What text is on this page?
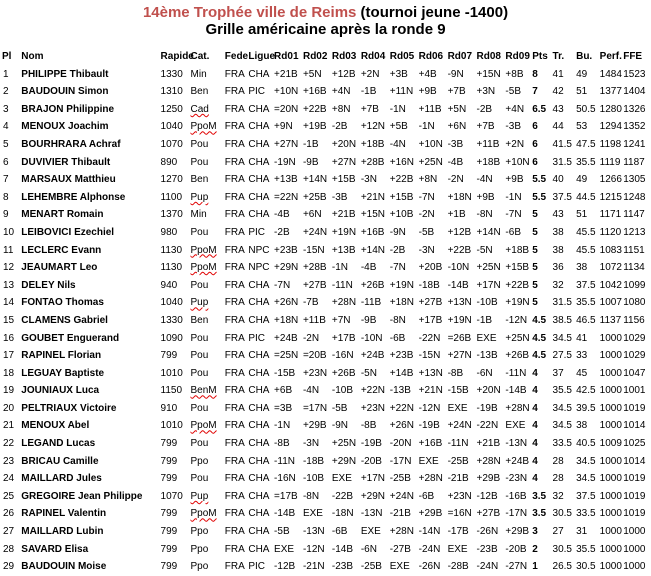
14ème Trophée ville de Reims (tournoi jeune -1400)
Grille américaine après la ronde 9
Pl	Nom	Rapide	Cat.	Fede	Ligue	Rd01	Rd02	Rd03	Rd04	Rd05	Rd06	Rd07	Rd08	Rd09	Pts	Tr.	Bu.	Perf.	FFE
1	PHILIPPE Thibault	1330	Min	FRA	CHA	+21B	+5N	+12B	+2N	+3B	+4B	-9N	+15N	+8B	8	41	49	1484	1523
2	BAUDOUIN Simon	1310	Ben	FRA	PIC	+10N	+16B	+4N	-1B	+11N	+9B	+7B	+3N	-5B	7	42	51	1377	1404
3	BRAJON Philippine	1250	Cad	FRA	CHA	=20N	+22B	+8N	+7B	-1N	+11B	+5N	-2B	+4N	6.5	43	50.5	1280	1326
4	MENOUX Joachim	1040	PpoM	FRA	CHA	+9N	+19B	-2B	+12N	+5B	-1N	+6N	+7B	-3B	6	44	53	1294	1352
5	BOURHRARA Achraf	1070	Pou	FRA	CHA	+27N	-1B	+20N	+18B	-4N	+10N	-3B	+11B	+2N	6	41.5	47.5	1198	1241
6	DUVIVIER Thibault	890	Pou	FRA	CHA	-19N	-9B	+27N	+28B	+16N	+25N	-4B	+18B	+10N	6	31.5	35.5	1119	1187
7	MARSAUX Matthieu	1270	Ben	FRA	CHA	+13B	+14N	+15B	-3N	+22B	+8N	-2N	-4N	+9B	5.5	40	49	1266	1305
8	LEHEMBRE Alphonse	1100	Pup	FRA	CHA	=22N	+25B	-3B	+21N	+15B	-7N	+18N	+9B	-1N	5.5	37.5	44.5	1215	1248
9	MENART Romain	1370	Min	FRA	CHA	-4B	+6N	+21B	+15N	+10B	-2N	+1B	-8N	-7N	5	43	51	1171	1147
10	LEIBOVICI Ezechiel	980	Pou	FRA	PIC	-2B	+24N	+19N	+16B	-9N	-5B	+12B	+14N	-6B	5	38	45.5	1120	1213
11	LECLERC Evann	1130	PpoM	FRA	NPC	+23B	-15N	+13B	+14N	-2B	-3N	+22B	-5N	+18B	5	38	45.5	1083	1151
12	JEAUMART Leo	1130	PpoM	FRA	NPC	+29N	+28B	-1N	-4B	-7N	+20B	-10N	+25N	+15B	5	36	38	1072	1134
13	DELEY Nils	940	Pou	FRA	CHA	-7N	+27B	-11N	+26B	+19N	-18B	-14B	+17N	+22B	5	32	37.5	1042	1099
14	FONTAO Thomas	1040	Pup	FRA	CHA	+26N	-7B	+28N	-11B	+18N	+27B	+13N	-10B	+19N	5	31.5	35.5	1007	1080
15	CLAMENS Gabriel	1330	Ben	FRA	CHA	+18N	+11B	+7N	-9B	-8N	+17B	+19N	-1B	-12N	4.5	38.5	46.5	1137	1156
16	GOUBET Enguerand	1090	Pou	FRA	PIC	+24B	-2N	+17B	-10N	-6B	-22N	=26B	EXE	+25N	4.5	34.5	41	1000	1029
17	RAPINEL Florian	799	Pou	FRA	CHA	=25N	=20B	-16N	+24B	+23B	-15N	+27N	-13B	+26B	4.5	27.5	33	1000	1029
18	LEGUAY Baptiste	1010	Pou	FRA	CHA	-15B	+23N	+26B	-5N	+14B	+13N	-8B	-6N	-11N	4	37	45	1000	1047
19	JOUNIAUX Luca	1150	BenM	FRA	CHA	+6B	-4N	-10B	+22N	-13B	+21N	-15B	+20N	-14B	4	35.5	42.5	1000	1001
20	PELTRIAUX Victoire	910	Pou	FRA	CHA	=3B	=17N	-5B	+23N	+22N	-12N	EXE	-19B	+28N	4	34.5	39.5	1000	1019
21	MENOUX Abel	1010	PpoM	FRA	CHA	-1N	+29B	-9N	-8B	+26N	-19B	+24N	-22N	EXE	4	34.5	38	1000	1014
22	LEGAND Lucas	799	Pou	FRA	CHA	-8B	-3N	+25N	-19B	-20N	+16B	-11N	+21B	-13N	4	33.5	40.5	1009	1025
23	BRICAU Camille	799	Ppo	FRA	CHA	-11N	-18B	+29N	-20B	-17N	EXE	-25B	+28N	+24B	4	28	34.5	1000	1014
24	MAILLARD Jules	799	Pou	FRA	CHA	-16N	-10B	EXE	+17N	-25B	+28N	-21B	+29B	-23N	4	28	34.5	1000	1019
25	GREGOIRE Jean Philippe	1070	Pup	FRA	CHA	=17B	-8N	-22B	+29N	+24N	-6B	+23N	-12B	-16B	3.5	32	37.5	1000	1019
26	RAPINEL Valentin	799	PpoM	FRA	CHA	-14B	EXE	-18N	-13N	-21B	+29B	=16N	+27B	-17N	3.5	30.5	33.5	1000	1019
27	MAILLARD Lubin	799	Ppo	FRA	CHA	-5B	-13N	-6B	EXE	+28N	-14N	-17B	-26N	+29B	3	27	31	1000	1000
28	SAVARD Elisa	799	Ppo	FRA	CHA	EXE	-12N	-14B	-6N	-27B	-24N	EXE	-23B	-20B	2	30.5	35.5	1000	1000
29	BAUDOUIN Moise	799	Ppo	FRA	PIC	-12B	-21N	-23B	-25B	EXE	-26N	-28B	-24N	-27N	1	26.5	30.5	1000	1000
